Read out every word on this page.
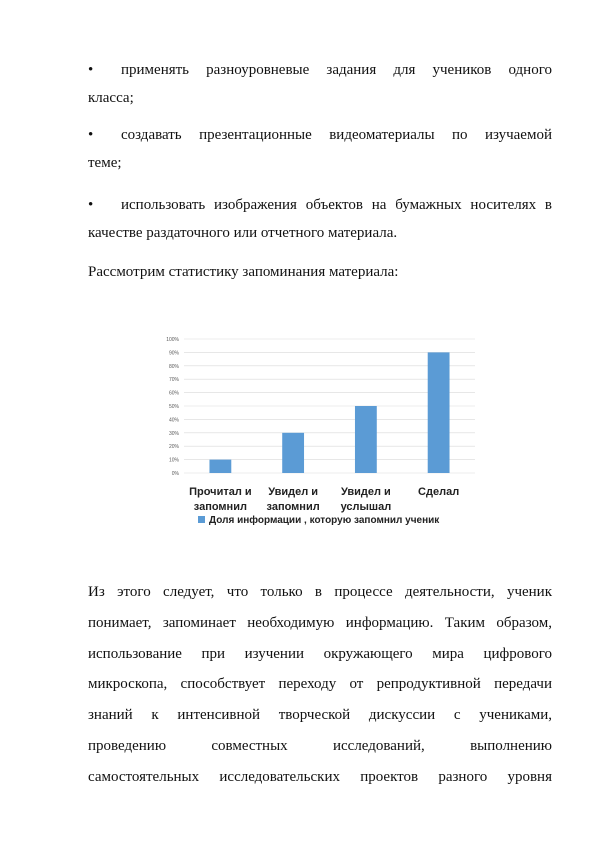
•	применять разноуровневые задания для учеников одного
класса;
•	создавать презентационные видеоматериалы по изучаемой
теме;
•	использовать изображения объектов на бумажных носителях в
качестве раздаточного или отчетного материала.
Рассмотрим статистику запоминания материала:
0%
10%
20%
30%
40%
50%
60%
70%
80%
90%
100%
Прочитал и
запомнил
Увидел и
запомнил
Увидел и
услышал
Сделал
Доля информации , которую запомнил ученик
Из этого следует, что только в процессе деятельности, ученик
понимает, запоминает необходимую информацию. Таким образом,
использование при изучении окружающего мира цифрового
микроскопа, способствует переходу от репродуктивной передачи
знаний к интенсивной творческой дискуссии с учениками,
проведению совместных исследований, выполнению
самостоятельных исследовательских проектов разного уровня
